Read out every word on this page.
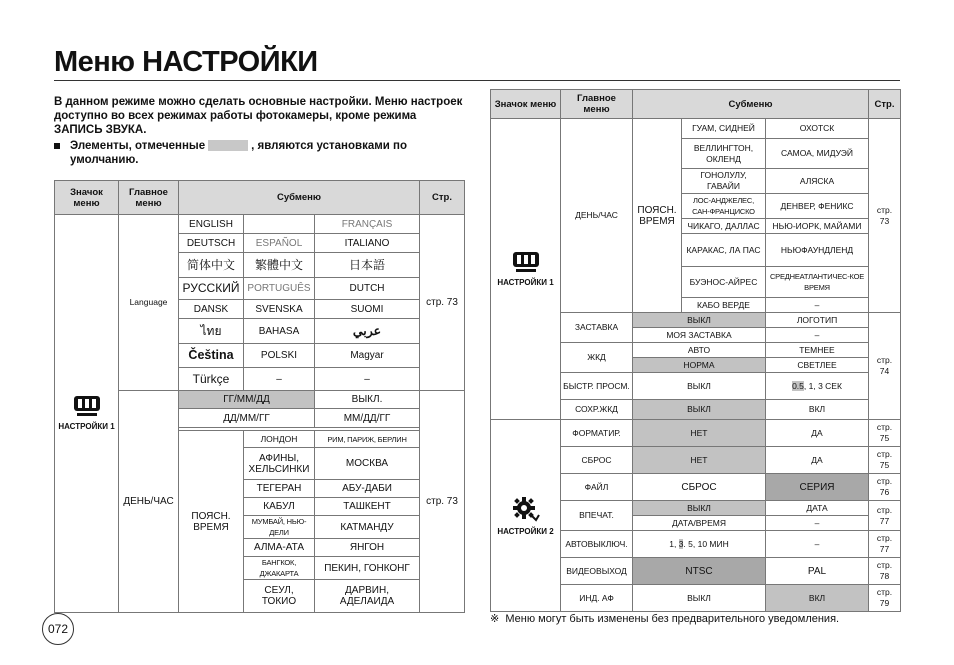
Меню НАСТРОЙКИ
В данном режиме можно сделать основные настройки. Меню настроек доступно во всех режимах работы фотокамеры, кроме режима ЗАПИСЬ ЗВУКА.
Элементы, отмеченные	, являются установками по умолчанию.
Значок меню	Главное меню	Субменю			Стр.

НАСТРОЙКИ 1	Language	ENGLISH		FRANÇAIS	стр. 73
		DEUTSCH	ESPAÑOL	ITALIANO	
		简体中文	繁體中文	日本語	
		РУССКИЙ	PORTUGUÊS	DUTCH	
		DANSK	SVENSKA	SUOMI	
		ไทย	BAHASA	عربي	
		Čeština	POLSKI	Magyar	
		Türkçe	–	–	
	ДЕНЬ/ЧАС	ГГ/ММ/ДД		ВЫКЛ.	стр. 73
		ДД/ММ/ГГ		ММ/ДД/ГГ	

		ПОЯСН. ВРЕМЯ	ЛОНДОН	РИМ, ПАРИЖ, БЕРЛИН	
			АФИНЫ, ХЕЛЬСИНКИ	МОСКВА	
			ТЕГЕРАН	АБУ-ДАБИ	
			КАБУЛ	ТАШКЕНТ	
			МУМБАЙ, НЬЮ-ДЕЛИ	КАТМАНДУ	
			АЛМА-АТА	ЯНГОН	
			БАНГКОК, ДЖАКАРТА	ПЕКИН, ГОНКОНГ	
			СЕУЛ, ТОКИО	ДАРВИН, АДЕЛАИДА	
Значок меню	Главное меню	Субменю			Стр.

НАСТРОЙКИ 1	ДЕНЬ/ЧАС	ПОЯСН. ВРЕМЯ	ГУАМ, СИДНЕЙ	ОХОТСК	стр. 73
			ВЕЛЛИНГТОН, ОКЛЕНД	САМОА, МИДУЭЙ	
			ГОНОЛУЛУ, ГАВАЙИ	АЛЯСКА	
			ЛОС-АНДЖЕЛЕС, САН-ФРАНЦИСКО	ДЕНВЕР, ФЕНИКС	
			ЧИКАГО, ДАЛЛАС	НЬЮ-ИОРК, МАЙАМИ	
			КАРАКАС, ЛА ПАС	НЬЮФАУНДЛЕНД	
			БУЭНОС-АЙРЕС	СРЕДНЕАТЛАНТИЧЕС-КОЕ ВРЕМЯ	
			КАБО ВЕРДЕ	–	
	ЗАСТАВКА	ВЫКЛ		ЛОГОТИП	стр. 74
		МОЯ ЗАСТАВКА		–	
	ЖКД	АВТО		ТЕМНЕЕ	
		НОРМА		СВЕТЛЕЕ	
	БЫСТР. ПРОСМ.	ВЫКЛ		0.5, 1, 3 СЕК	
	СОХР.ЖКД	ВЫКЛ		ВКЛ	

НАСТРОЙКИ 2	ФОРМАТИР.	НЕТ		ДА	стр. 75
	СБРОС	НЕТ		ДА	стр. 75
	ФАЙЛ	СБРОС		СЕРИЯ	стр. 76
	ВПЕЧАТ.	ВЫКЛ		ДАТА	стр. 77
		ДАТА/ВРЕМЯ		–	
	АВТОВЫКЛЮЧ.	1, 3. 5, 10 МИН		–	стр. 77
	ВИДЕОВЫХОД	NTSC		PAL	стр. 78
	ИНД. АФ	ВЫКЛ		ВКЛ	стр. 79
072
※ Меню могут быть изменены без предварительного уведомления.
